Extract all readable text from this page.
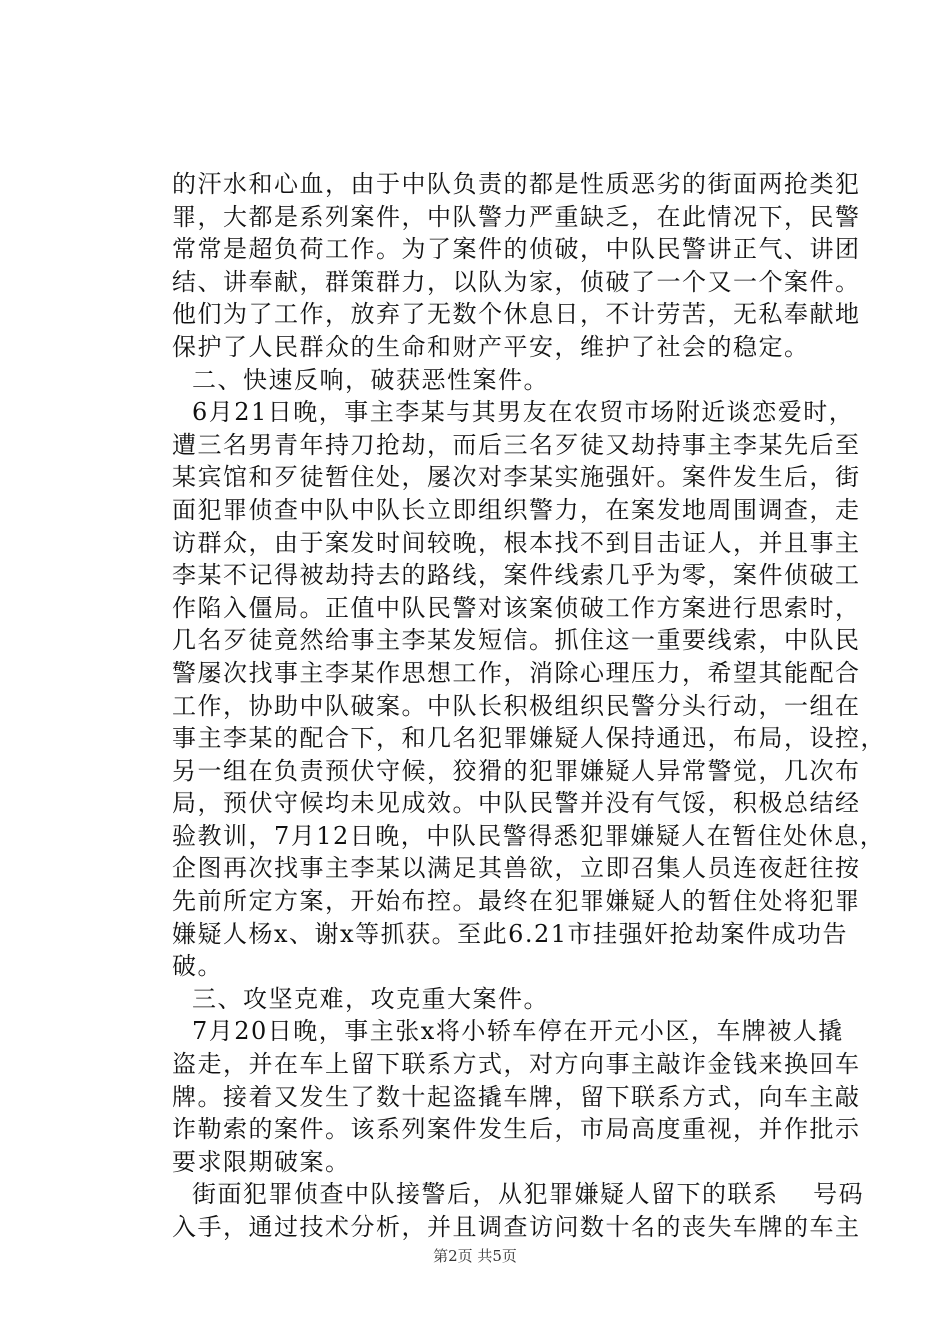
的汗水和心血，由于中队负责的都是性质恶劣的街面两抢类犯
罪，大都是系列案件，中队警力严重缺乏，在此情况下，民警
常常是超负荷工作。为了案件的侦破，中队民警讲正气、讲团
结、讲奉献，群策群力，以队为家，侦破了一个又一个案件。
他们为了工作，放弃了无数个休息日，不计劳苦，无私奉献地
保护了人民群众的生命和财产平安，维护了社会的稳定。
二、快速反响，破获恶性案件。
6月21日晚，事主李某与其男友在农贸市场附近谈恋爱时，
遭三名男青年持刀抢劫，而后三名歹徒又劫持事主李某先后至
某宾馆和歹徒暂住处，屡次对李某实施强奸。案件发生后，街
面犯罪侦查中队中队长立即组织警力，在案发地周围调查，走
访群众，由于案发时间较晚，根本找不到目击证人，并且事主
李某不记得被劫持去的路线，案件线索几乎为零，案件侦破工
作陷入僵局。正值中队民警对该案侦破工作方案进行思索时，
几名歹徒竟然给事主李某发短信。抓住这一重要线索，中队民
警屡次找事主李某作思想工作，消除心理压力，希望其能配合
工作，协助中队破案。中队长积极组织民警分头行动，一组在
事主李某的配合下，和几名犯罪嫌疑人保持通迅，布局，设控，
另一组在负责预伏守候，狡猾的犯罪嫌疑人异常警觉，几次布
局，预伏守候均未见成效。中队民警并没有气馁，积极总结经
验教训，7月12日晚，中队民警得悉犯罪嫌疑人在暂住处休息，
企图再次找事主李某以满足其兽欲，立即召集人员连夜赶往按
先前所定方案，开始布控。最终在犯罪嫌疑人的暂住处将犯罪
嫌疑人杨x、谢x等抓获。至此6.21市挂强奸抢劫案件成功告
破。
三、攻坚克难，攻克重大案件。
7月20日晚，事主张x将小轿车停在开元小区，车牌被人撬
盗走，并在车上留下联系方式，对方向事主敲诈金钱来换回车
牌。接着又发生了数十起盗撬车牌，留下联系方式，向车主敲
诈勒索的案件。该系列案件发生后，市局高度重视，并作批示
要求限期破案。
街面犯罪侦查中队接警后，从犯罪嫌疑人留下的联系　 号码
入手，通过技术分析，并且调查访问数十名的丧失车牌的车主
第2页 共5页
